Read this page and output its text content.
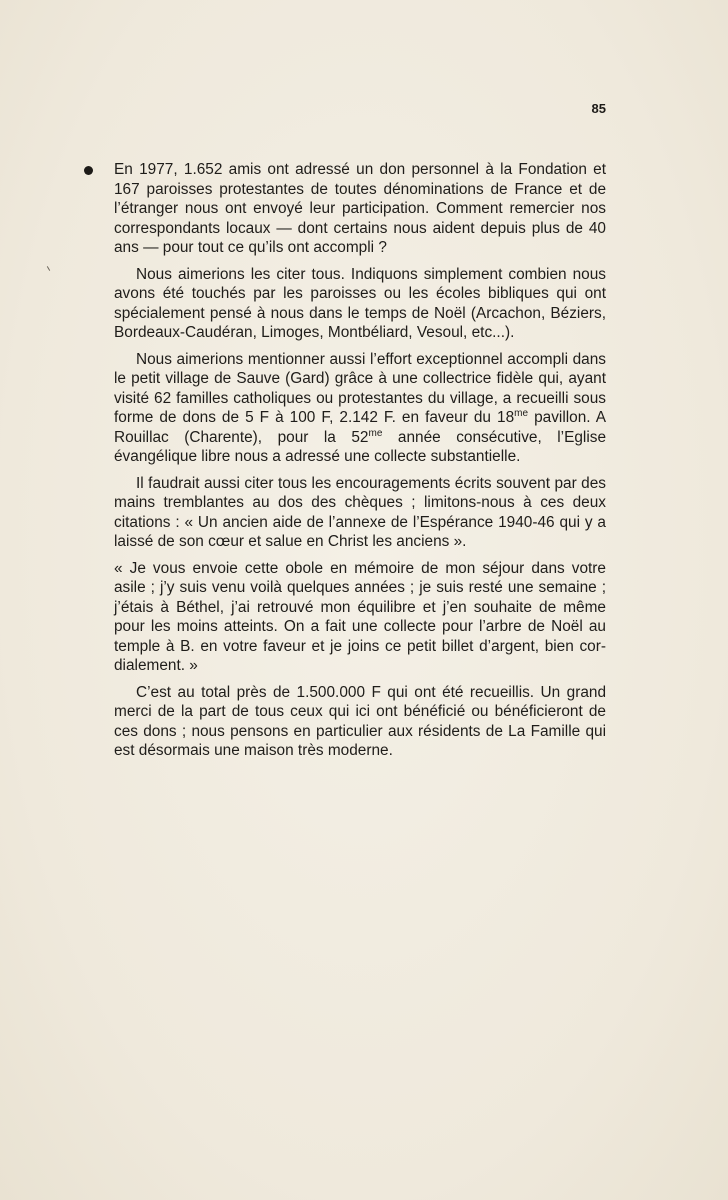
85

En 1977, 1.652 amis ont adressé un don personnel à la Fondation et 167 paroisses protestantes de toutes dénominations de France et de l’étranger nous ont envoyé leur participation. Comment remercier nos correspondants locaux — dont certains nous aident depuis plus de 40 ans — pour tout ce qu’ils ont accompli ?

Nous aimerions les citer tous. Indiquons simplement combien nous avons été touchés par les paroisses ou les écoles bibliques qui ont spécialement pensé à nous dans le temps de Noël (Arcachon, Béziers, Bordeaux-Caudéran, Limoges, Montbéliard, Vesoul, etc...).

Nous aimerions mentionner aussi l’effort exceptionnel accompli dans le petit village de Sauve (Gard) grâce à une collectrice fidèle qui, ayant visité 62 familles catholiques ou protestantes du village, a recueilli sous forme de dons de 5 F à 100 F, 2.142 F. en faveur du $18^{me}$ pavillon. A Rouillac (Charente), pour la $52^{me}$ année consécutive, l’Eglise évangélique libre nous a adressé une collecte substantielle.

Il faudrait aussi citer tous les encouragements écrits souvent par des mains tremblantes au dos des chèques ; limitons-nous à ces deux citations : « Un ancien aide de l’annexe de l’Espérance 1940-46 qui y a laissé de son cœur et salue en Christ les anciens ».

« Je vous envoie cette obole en mémoire de mon séjour dans votre asile ; j’y suis venu voilà quelques années ; je suis resté une semaine ; j’étais à Béthel, j’ai retrouvé mon équilibre et j’en souhaite de même pour les moins atteints. On a fait une collecte pour l’arbre de Noël au temple à B. en votre faveur et je joins ce petit billet d’argent, bien cordialement. »

C’est au total près de 1.500.000 F qui ont été recueillis. Un grand merci de la part de tous ceux qui ici ont bénéficié ou bénéficieront de ces dons ; nous pensons en particulier aux résidents de La Famille qui est désormais une maison très moderne.
